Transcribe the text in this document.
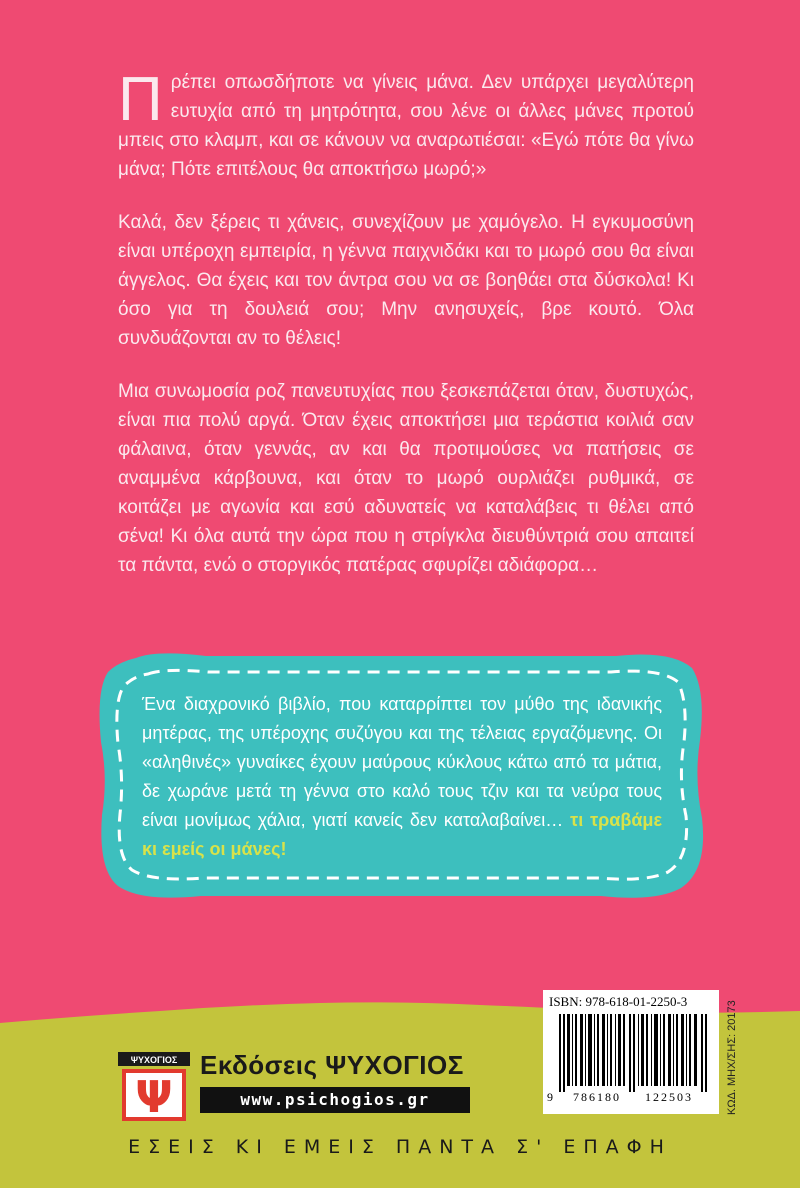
Πρέπει οπωσδήποτε να γίνεις μάνα. Δεν υπάρχει μεγαλύτερη ευτυχία από τη μητρότητα, σου λένε οι άλλες μάνες προτού μπεις στο κλαμπ, και σε κάνουν να αναρωτιέσαι: «Εγώ πότε θα γίνω μάνα; Πότε επιτέλους θα αποκτήσω μωρό;»

Καλά, δεν ξέρεις τι χάνεις, συνεχίζουν με χαμόγελο. Η εγκυμοσύνη είναι υπέροχη εμπειρία, η γέννα παιχνιδάκι και το μωρό σου θα είναι άγγελος. Θα έχεις και τον άντρα σου να σε βοηθάει στα δύσκολα! Κι όσο για τη δουλειά σου; Μην ανησυχείς, βρε κουτό. Όλα συνδυάζονται αν το θέλεις!

Μια συνωμοσία ροζ πανευτυχίας που ξεσκεπάζεται όταν, δυστυχώς, είναι πια πολύ αργά. Όταν έχεις αποκτήσει μια τεράστια κοιλιά σαν φάλαινα, όταν γεννάς, αν και θα προτιμούσες να πατήσεις σε αναμμένα κάρβουνα, και όταν το μωρό ουρλιάζει ρυθμικά, σε κοιτάζει με αγωνία και εσύ αδυνατείς να καταλάβεις τι θέλει από σένα! Κι όλα αυτά την ώρα που η στρίγκλα διευθύντριά σου απαιτεί τα πάντα, ενώ ο στοργικός πατέρας σφυρίζει αδιάφορα…

Ένα διαχρονικό βιβλίο, που καταρρίπτει τον μύθο της ιδανικής μητέρας, της υπέροχης συζύγου και της τέλειας εργαζόμενης. Οι «αληθινές» γυναίκες έχουν μαύρους κύκλους κάτω από τα μάτια, δε χωράνε μετά τη γέννα στο καλό τους τζιν και τα νεύρα τους είναι μονίμως χάλια, γιατί κανείς δεν καταλαβαίνει… τι τραβάμε κι εμείς οι μάνες!
ISBN: 978-618-01-2250-3
9 786180 122503	ΚΩΔ. ΜΗΧ/ΣΗΣ: 20173
ΨΥΧΟΓΙΟΣ
Ψ
Εκδόσεις ΨΥΧΟΓΙΟΣ
www.psichogios.gr
ΕΣΕΙΣ ΚΙ ΕΜΕΙΣ ΠΑΝΤΑ Σ' ΕΠΑΦΗ
